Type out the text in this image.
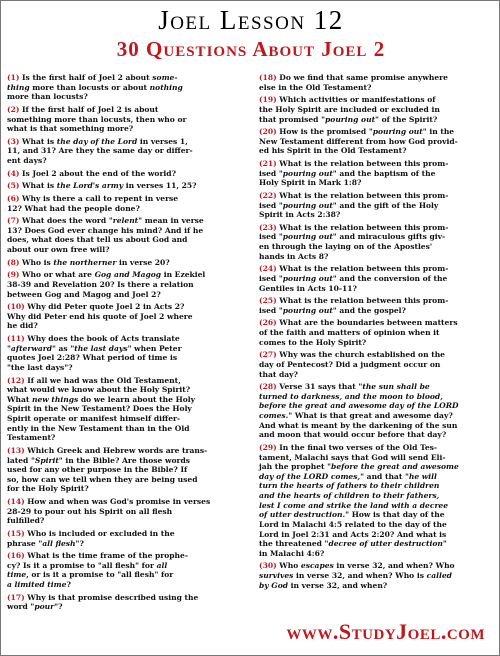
Joel Lesson 12
30 Questions About Joel 2
(1) Is the first half of Joel 2 about some-
thing more than locusts or about nothing
more than locusts?
(2) If the first half of Joel 2 is about
something more than locusts, then who or
what is that something more?
(3) What is the day of the Lord in verses 1,
11, and 31? Are they the same day or differ-
ent days?
(4) Is Joel 2 about the end of the world?
(5) What is the Lord's army in verses 11, 25?
(6) Why is there a call to repent in verse
12? What had the people done?
(7) What does the word "relent" mean in verse
13? Does God ever change his mind? And if he
does, what does that tell us about God and
about our own free will?
(8) Who is the northerner in verse 20?
(9) Who or what are Gog and Magog in Ezekiel
38-39 and Revelation 20? Is there a relation
between Gog and Magog and Joel 2?
(10) Why did Peter quote Joel 2 in Acts 2?
Why did Peter end his quote of Joel 2 where
he did?
(11) Why does the book of Acts translate
"afterward" as "the last days" when Peter
quotes Joel 2:28? What period of time is
"the last days"?
(12) If all we had was the Old Testament,
what would we know about the Holy Spirit?
What new things do we learn about the Holy
Spirit in the New Testament? Does the Holy
Spirit operate or manifest himself differ-
ently in the New Testament than in the Old
Testament?
(13) Which Greek and Hebrew words are trans-
lated "Spirit" in the Bible? Are those words
used for any other purpose in the Bible? If
so, how can we tell when they are being used
for the Holy Spirit?
(14) How and when was God's promise in verses
28-29 to pour out his Spirit on all flesh
fulfilled?
(15) Who is included or excluded in the
phrase "all flesh"?
(16) What is the time frame of the prophe-
cy? Is it a promise to "all flesh" for all
time, or is it a promise to "all flesh" for
a limited time?
(17) Why is that promise described using the
word "pour"?
(18) Do we find that same promise anywhere
else in the Old Testament?
(19) Which activities or manifestations of
the Holy Spirit are included or excluded in
that promised "pouring out" of the Spirit?
(20) How is the promised "pouring out" in the
New Testament different from how God provid-
ed his Spirit in the Old Testament?
(21) What is the relation between this prom-
ised "pouring out" and the baptism of the
Holy Spirit in Mark 1:8?
(22) What is the relation between this prom-
ised "pouring out" and the gift of the Holy
Spirit in Acts 2:38?
(23) What is the relation between this prom-
ised "pouring out" and miraculous gifts giv-
en through the laying on of the Apostles'
hands in Acts 8?
(24) What is the relation between this prom-
ised "pouring out" and the conversion of the
Gentiles in Acts 10-11?
(25) What is the relation between this prom-
ised "pouring out" and the gospel?
(26) What are the boundaries between matters
of the faith and matters of opinion when it
comes to the Holy Spirit?
(27) Why was the church established on the
day of Pentecost? Did a judgment occur on
that day?
(28) Verse 31 says that "the sun shall be
turned to darkness, and the moon to blood,
before the great and awesome day of the LORD
comes." What is that great and awesome day?
And what is meant by the darkening of the sun
and moon that would occur before that day?
(29) In the final two verses of the Old Tes-
tament, Malachi says that God will send Eli-
jah the prophet "before the great and awesome
day of the LORD comes," and that "he will
turn the hearts of fathers to their children
and the hearts of children to their fathers,
lest I come and strike the land with a decree
of utter destruction." How is that day of the
Lord in Malachi 4:5 related to the day of the
Lord in Joel 2:31 and Acts 2:20? And what is
the threatened "decree of utter destruction"
in Malachi 4:6?
(30) Who escapes in verse 32, and when? Who
survives in verse 32, and when? Who is called
by God in verse 32, and when?
www.StudyJoel.com
